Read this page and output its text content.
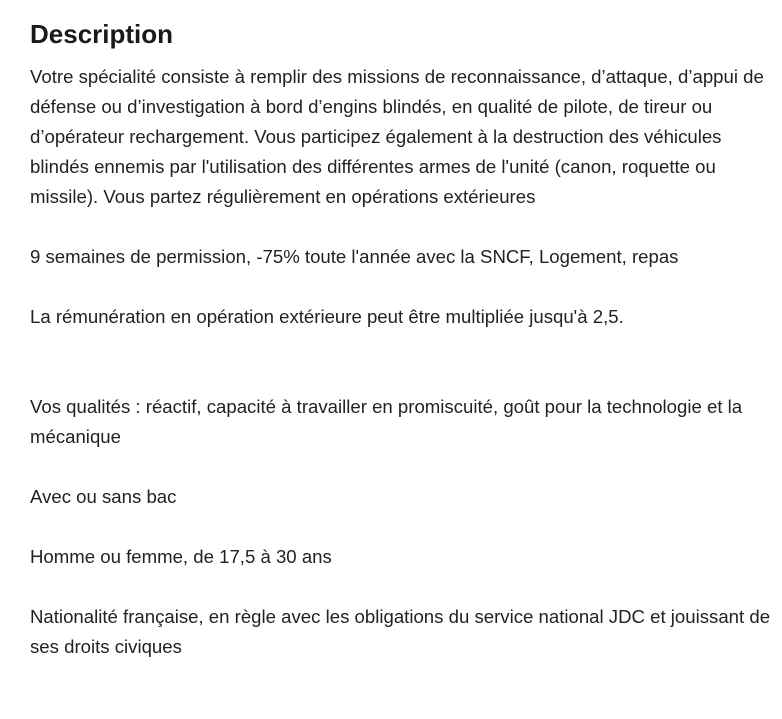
Description

Votre spécialité consiste à remplir des missions de reconnaissance, d’attaque, d’appui de défense ou d’investigation à bord d’engins blindés, en qualité de pilote, de tireur ou d’opérateur rechargement. Vous participez également à la destruction des véhicules blindés ennemis par l'utilisation des différentes armes de l'unité (canon, roquette ou missile). Vous partez régulièrement en opérations extérieures

9 semaines de permission, -75% toute l'année avec la SNCF, Logement, repas

La rémunération en opération extérieure peut être multipliée jusqu'à 2,5.

Vos qualités : réactif, capacité à travailler en promiscuité, goût pour la technologie et la mécanique

Avec ou sans bac

Homme ou femme, de 17,5 à 30 ans

Nationalité française, en règle avec les obligations du service national JDC et jouissant de ses droits civiques
